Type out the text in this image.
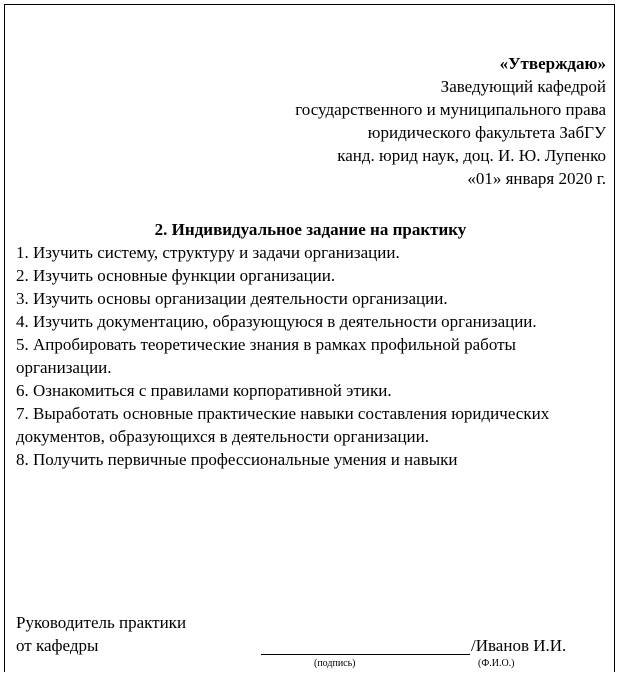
«Утверждаю»
Заведующий кафедрой
государственного и муниципального права
юридического факультета ЗабГУ
канд. юрид наук, доц. И. Ю. Лупенко
«01» января 2020 г.
2. Индивидуальное задание на практику
1. Изучить систему, структуру и задачи организации.
2. Изучить основные функции организации.
3. Изучить основы организации деятельности организации.
4. Изучить документацию, образующуюся в деятельности организации.
5. Апробировать теоретические знания в рамках профильной работы организации.
6. Ознакомиться с правилами корпоративной этики.
7. Выработать основные практические навыки составления юридических документов, образующихся в деятельности организации.
8. Получить первичные профессиональные умения и навыки
Руководитель практики
от кафедры	/Иванов И.И.
(подпись)	(Ф.И.О.)
